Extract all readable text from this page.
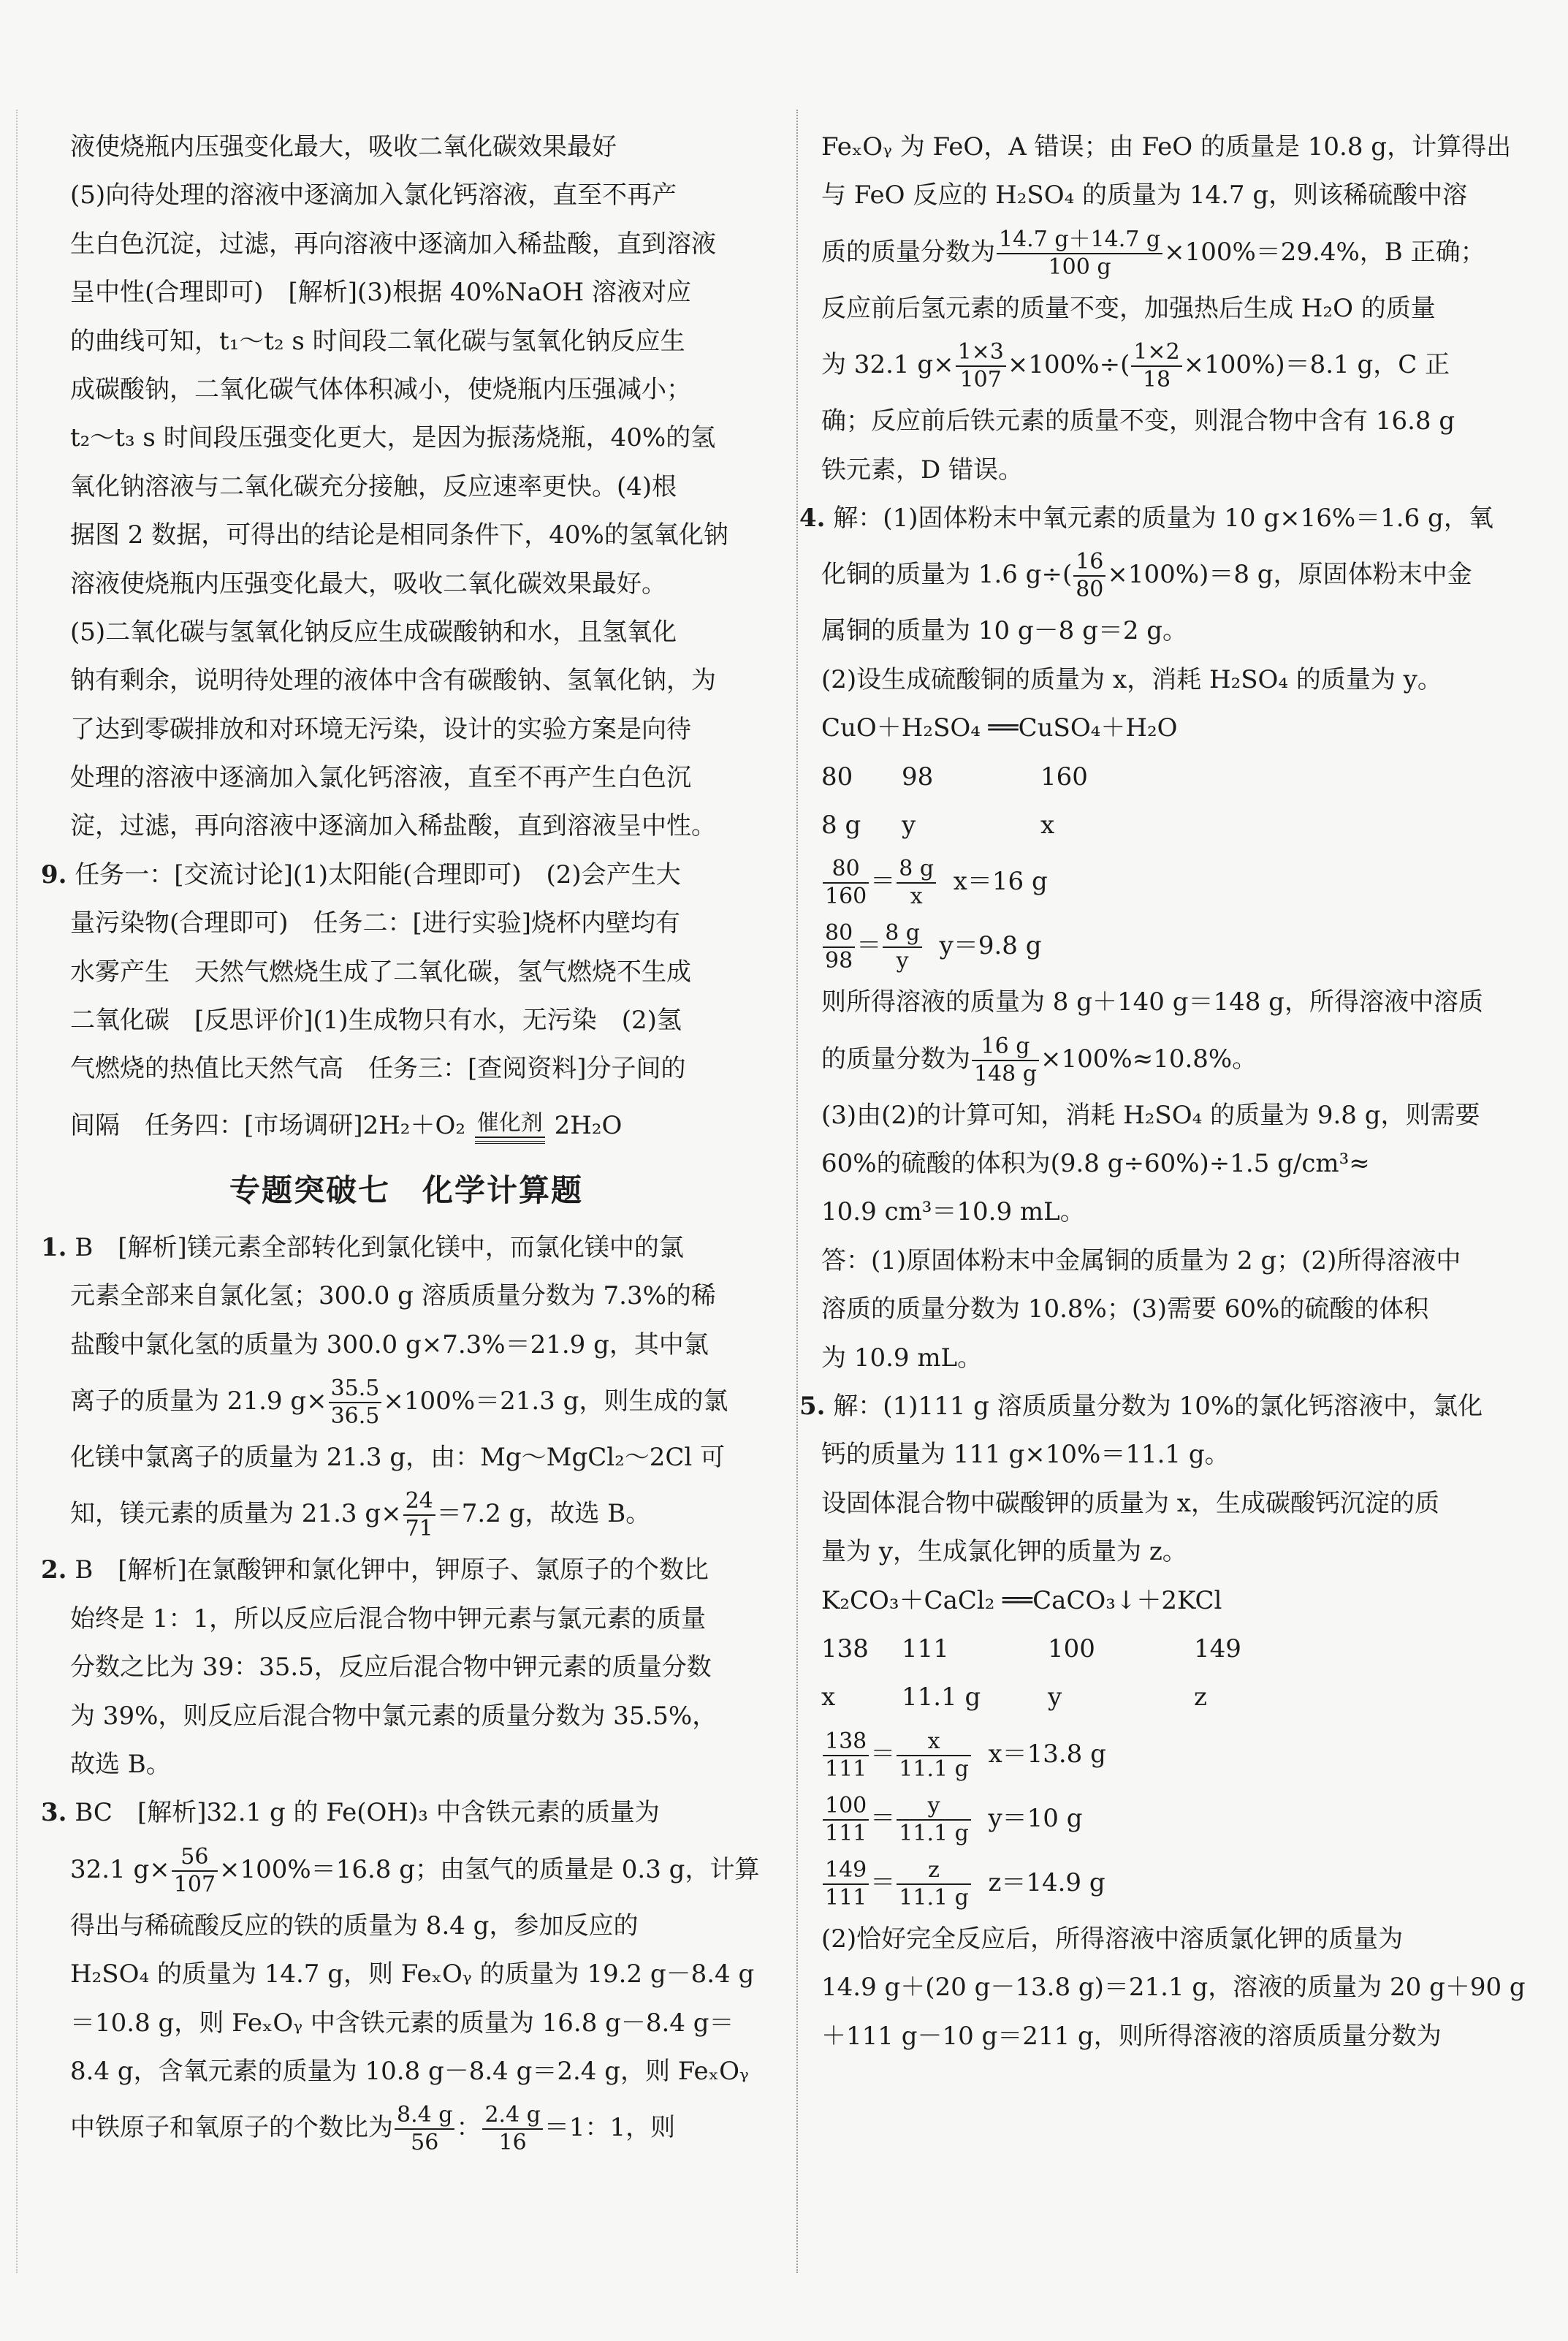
液使烧瓶内压强变化最大，吸收二氧化碳效果最好
(5)向待处理的溶液中逐滴加入氯化钙溶液，直至不再产
生白色沉淀，过滤，再向溶液中逐滴加入稀盐酸，直到溶液
呈中性(合理即可)　[解析](3)根据 40%NaOH 溶液对应
的曲线可知，t₁～t₂ s 时间段二氧化碳与氢氧化钠反应生
成碳酸钠，二氧化碳气体体积减小，使烧瓶内压强减小；
t₂～t₃ s 时间段压强变化更大，是因为振荡烧瓶，40%的氢
氧化钠溶液与二氧化碳充分接触，反应速率更快。(4)根
据图 2 数据，可得出的结论是相同条件下，40%的氢氧化钠
溶液使烧瓶内压强变化最大，吸收二氧化碳效果最好。
(5)二氧化碳与氢氧化钠反应生成碳酸钠和水，且氢氧化
钠有剩余，说明待处理的液体中含有碳酸钠、氢氧化钠，为
了达到零碳排放和对环境无污染，设计的实验方案是向待
处理的溶液中逐滴加入氯化钙溶液，直至不再产生白色沉
淀，过滤，再向溶液中逐滴加入稀盐酸，直到溶液呈中性。
9. 任务一：[交流讨论](1)太阳能(合理即可)　(2)会产生大
量污染物(合理即可)　任务二：[进行实验]烧杯内壁均有
水雾产生　天然气燃烧生成了二氧化碳，氢气燃烧不生成
二氧化碳　[反思评价](1)生成物只有水，无污染　(2)氢
气燃烧的热值比天然气高　任务三：[查阅资料]分子间的
间隔　任务四：[市场调研]2H₂＋O₂ 催化剂 2H₂O
专题突破七　化学计算题
1. B　[解析]镁元素全部转化到氯化镁中，而氯化镁中的氯
元素全部来自氯化氢；300.0 g 溶质质量分数为 7.3%的稀
盐酸中氯化氢的质量为 300.0 g×7.3%＝21.9 g，其中氯
离子的质量为 21.9 $g\times \frac{35.5}{36.5} \times 100\%=21.3$ g，则生成的氯
化镁中氯离子的质量为 21.3 g，由：Mg～MgCl₂～2Cl 可
知，镁元素的质量为 21.3 $g\times \frac{24}{71} =7.2$ g，故选 B。
2. B　[解析]在氯酸钾和氯化钾中，钾原子、氯原子的个数比
始终是 1：1，所以反应后混合物中钾元素与氯元素的质量
分数之比为 39：35.5，反应后混合物中钾元素的质量分数
为 39%，则反应后混合物中氯元素的质量分数为 35.5%，
故选 B。
3. BC　[解析]32.1 g 的 Fe(OH)₃ 中含铁元素的质量为
32.1 $g\times \frac{56}{107} \times 100\%=16.8$ g；由氢气的质量是 0.3 g，计算
得出与稀硫酸反应的铁的质量为 8.4 g，参加反应的
H₂SO₄ 的质量为 14.7 g，则 FeₓOᵧ 的质量为 19.2 g－8.4 g
＝10.8 g，则 FeₓOᵧ 中含铁元素的质量为 16.8 g－8.4 g＝
8.4 g，含氧元素的质量为 10.8 g－8.4 g＝2.4 g，则 FeₓOᵧ
中铁原子和氧原子的个数比为 $\frac{8.4 g}{56}$ ： $\frac{2.4 g}{16} =1$：1，则
FeₓOᵧ 为 FeO，A 错误；由 FeO 的质量是 10.8 g，计算得出
与 FeO 反应的 H₂SO₄ 的质量为 14.7 g，则该稀硫酸中溶
质的质量分数为 $\frac{14.7 g+14.7 g}{100 g} \times 100\%=29.4\%$，B 正确；
反应前后氢元素的质量不变，加强热后生成 H₂O 的质量
为 32.1 $g\times \frac{1\times 3}{107} \times 100\%\div( \frac{1\times 2}{18} \times 100\%)=8.1$ g，C 正
确；反应前后铁元素的质量不变，则混合物中含有 16.8 g
铁元素，D 错误。
4. 解：(1)固体粉末中氧元素的质量为 10 g×16%＝1.6 g，氧
化铜的质量为 1.6 $g\div( \frac{16}{80} \times 100\%)=8$ g，原固体粉末中金
属铜的质量为 10 g－8 g＝2 g。
(2)设生成硫酸铜的质量为 x，消耗 H₂SO₄ 的质量为 y。
CuO＋H₂SO₄ ══CuSO₄＋H₂O
80 98	160
8 g y	x
$\frac{80}{160} = \frac{8 g}{x} x=16$ g
$\frac{80}{98} = \frac{8 g}{y} y=9.8$ g
则所得溶液的质量为 8 g＋140 g＝148 g，所得溶液中溶质
的质量分数为 $\frac{16 g}{148 g} \times 100\%\approx 10.8\%$。
(3)由(2)的计算可知，消耗 H₂SO₄ 的质量为 9.8 g，则需要
60%的硫酸的体积为(9.8 g÷60%)÷1.5 g/cm³≈
10.9 cm³＝10.9 mL。
答：(1)原固体粉末中金属铜的质量为 2 g；(2)所得溶液中
溶质的质量分数为 10.8%；(3)需要 60%的硫酸的体积
为 10.9 mL。
5. 解：(1)111 g 溶质质量分数为 10%的氯化钙溶液中，氯化
钙的质量为 111 g×10%＝11.1 g。
设固体混合物中碳酸钾的质量为 x，生成碳酸钙沉淀的质
量为 y，生成氯化钾的质量为 z。
K₂CO₃＋CaCl₂ ══CaCO₃↓＋2KCl
138 111	100	149
x	11.1 g	y	z
$\frac{138}{111} = \frac{x}{11.1 g} x=13.8$ g
$\frac{100}{111} = \frac{y}{11.1 g} y=10$ g
$\frac{149}{111} = \frac{z}{11.1 g} z=14.9$ g
(2)恰好完全反应后，所得溶液中溶质氯化钾的质量为
14.9 g＋(20 g－13.8 g)＝21.1 g，溶液的质量为 20 g＋90 g
＋111 g－10 g＝211 g，则所得溶液的溶质质量分数为
